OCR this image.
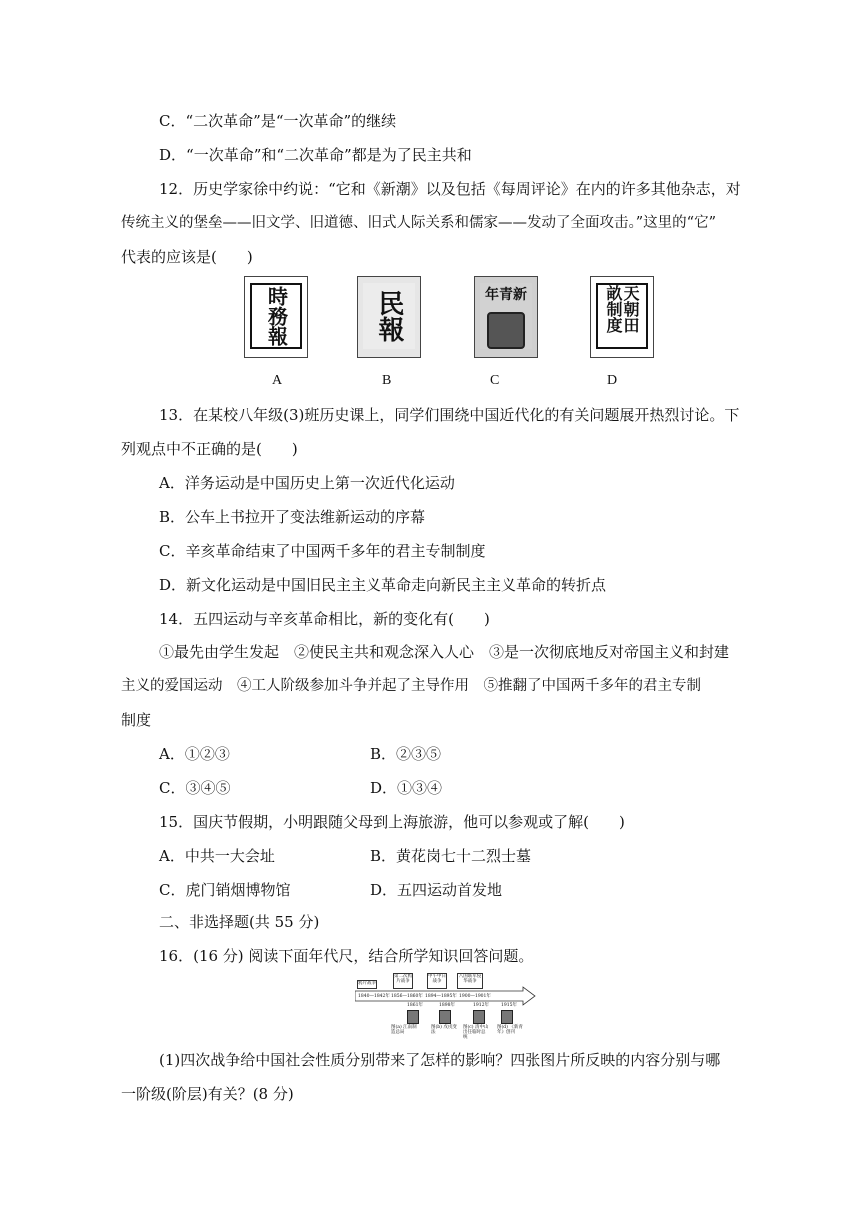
C．“二次革命”是“一次革命”的继续
D．“一次革命”和“二次革命”都是为了民主共和
12．历史学家徐中约说：“它和《新潮》以及包括《每周评论》在内的许多其他杂志，对
传统主义的堡垒——旧文学、旧道德、旧式人际关系和儒家——发动了全面攻击。”这里的“它”
代表的应该是(　　)
時務報	民報	年青新	天朝田畝制度
A	B	C	D
13．在某校八年级(3)班历史课上，同学们围绕中国近代化的有关问题展开热烈讨论。下
列观点中不正确的是(　　)
A．洋务运动是中国历史上第一次近代化运动
B．公车上书拉开了变法维新运动的序幕
C．辛亥革命结束了中国两千多年的君主专制制度
D．新文化运动是中国旧民主主义革命走向新民主主义革命的转折点
14．五四运动与辛亥革命相比，新的变化有(　　)
①最先由学生发起　②使民主共和观念深入人心　③是一次彻底地反对帝国主义和封建
主义的爱国运动　④工人阶级参加斗争并起了主导作用　⑤推翻了中国两千多年的君主专制
制度
A．①②③	B．②③⑤
C．③④⑤	D．①③④
15．国庆节假期，小明跟随父母到上海旅游，他可以参观或了解(　　)
A．中共一大会址	B．黄花岗七十二烈士墓
C．虎门销烟博物馆	D．五四运动首发地
二、非选择题(共 55 分)
16．(16 分) 阅读下面年代尺，结合所学知识回答问题。
鸦片战争
第二次鸦片战争
甲午中日战争
八国联军侵华战争
1840—1842年 1856—1860年 1894—1895年 1900—1901年
1861年	1898年	1912年	1915年
图(a) 江南制造总局
图(b) 戊戌变法
图(c) 清中山出任临时总统
图(d) 《新青年》创刊
(1)四次战争给中国社会性质分别带来了怎样的影响？四张图片所反映的内容分别与哪
一阶级(阶层)有关？(8 分)
